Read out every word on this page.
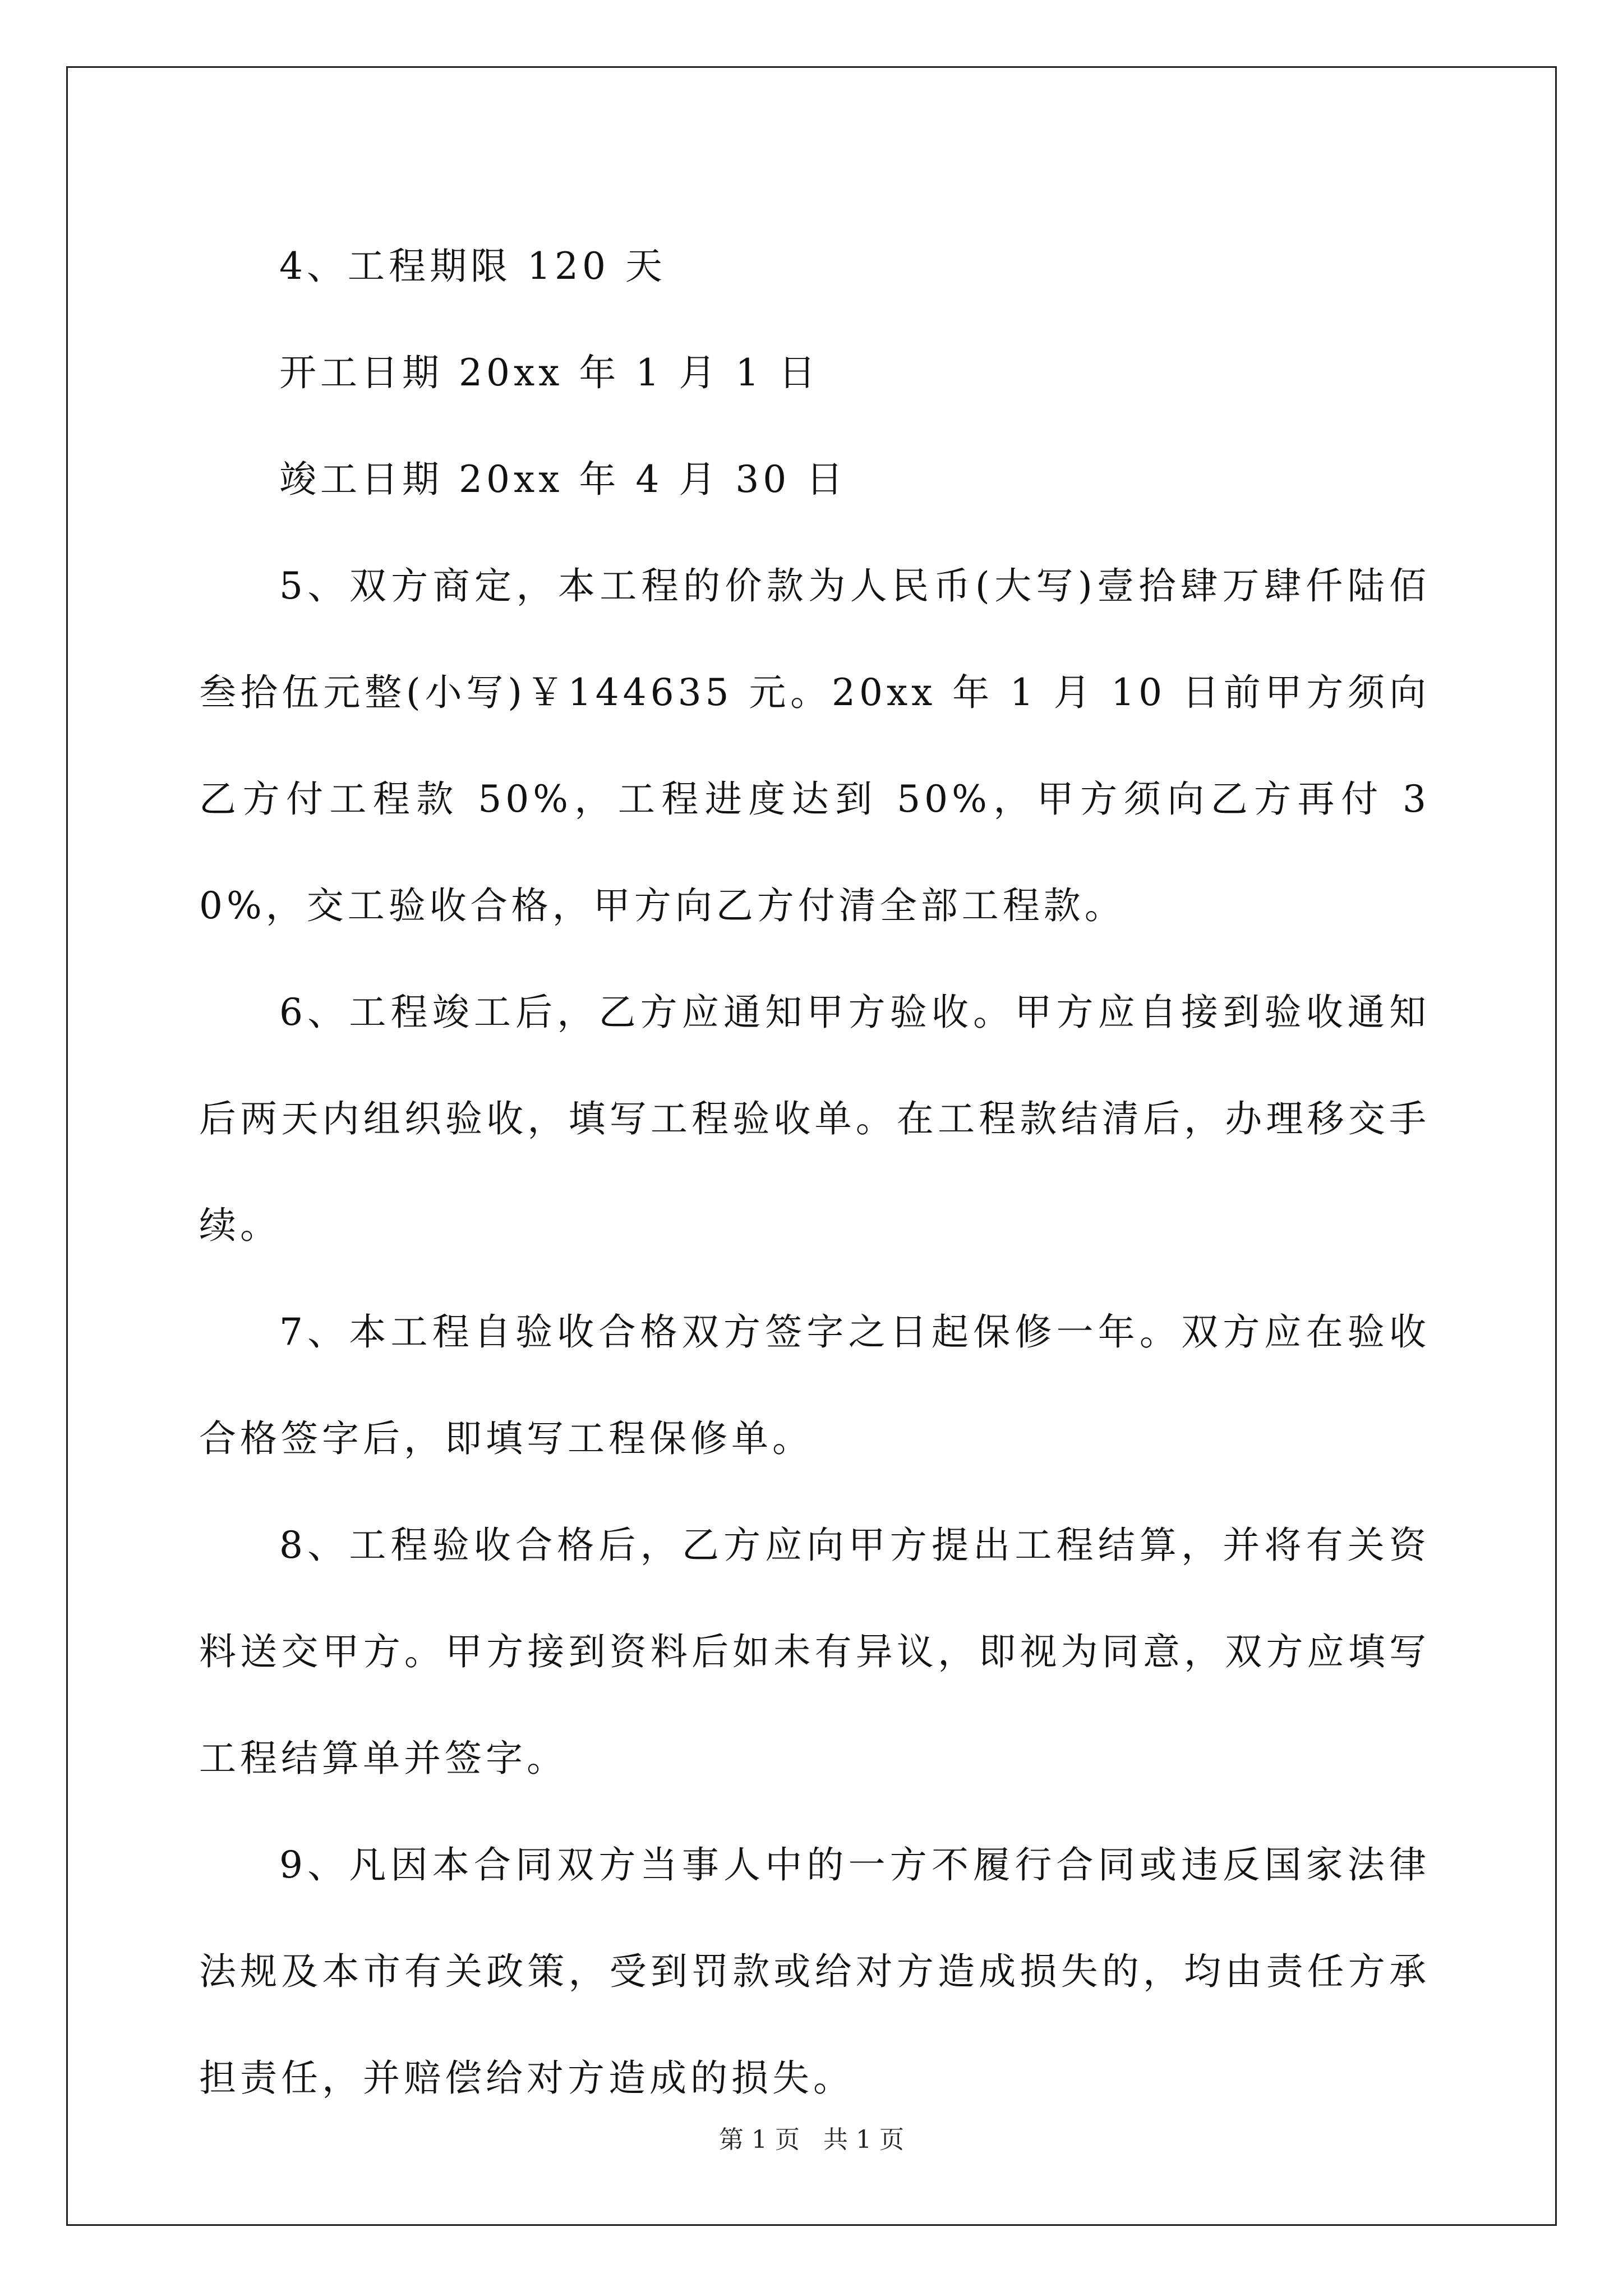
4、工程期限 120 天

开工日期 20xx 年 1 月 1 日

竣工日期 20xx 年 4 月 30 日

5、双方商定，本工程的价款为人民币(大写)壹拾肆万肆仟陆佰叁拾伍元整(小写)￥144635 元。20xx 年 1 月 10 日前甲方须向乙方付工程款 50%，工程进度达到 50%，甲方须向乙方再付 30%，交工验收合格，甲方向乙方付清全部工程款。

6、工程竣工后，乙方应通知甲方验收。甲方应自接到验收通知后两天内组织验收，填写工程验收单。在工程款结清后，办理移交手续。

7、本工程自验收合格双方签字之日起保修一年。双方应在验收合格签字后，即填写工程保修单。

8、工程验收合格后，乙方应向甲方提出工程结算，并将有关资料送交甲方。甲方接到资料后如未有异议，即视为同意，双方应填写工程结算单并签字。

9、凡因本合同双方当事人中的一方不履行合同或违反国家法律法规及本市有关政策，受到罚款或给对方造成损失的，均由责任方承担责任，并赔偿给对方造成的损失。

第 1 页   共 1 页
